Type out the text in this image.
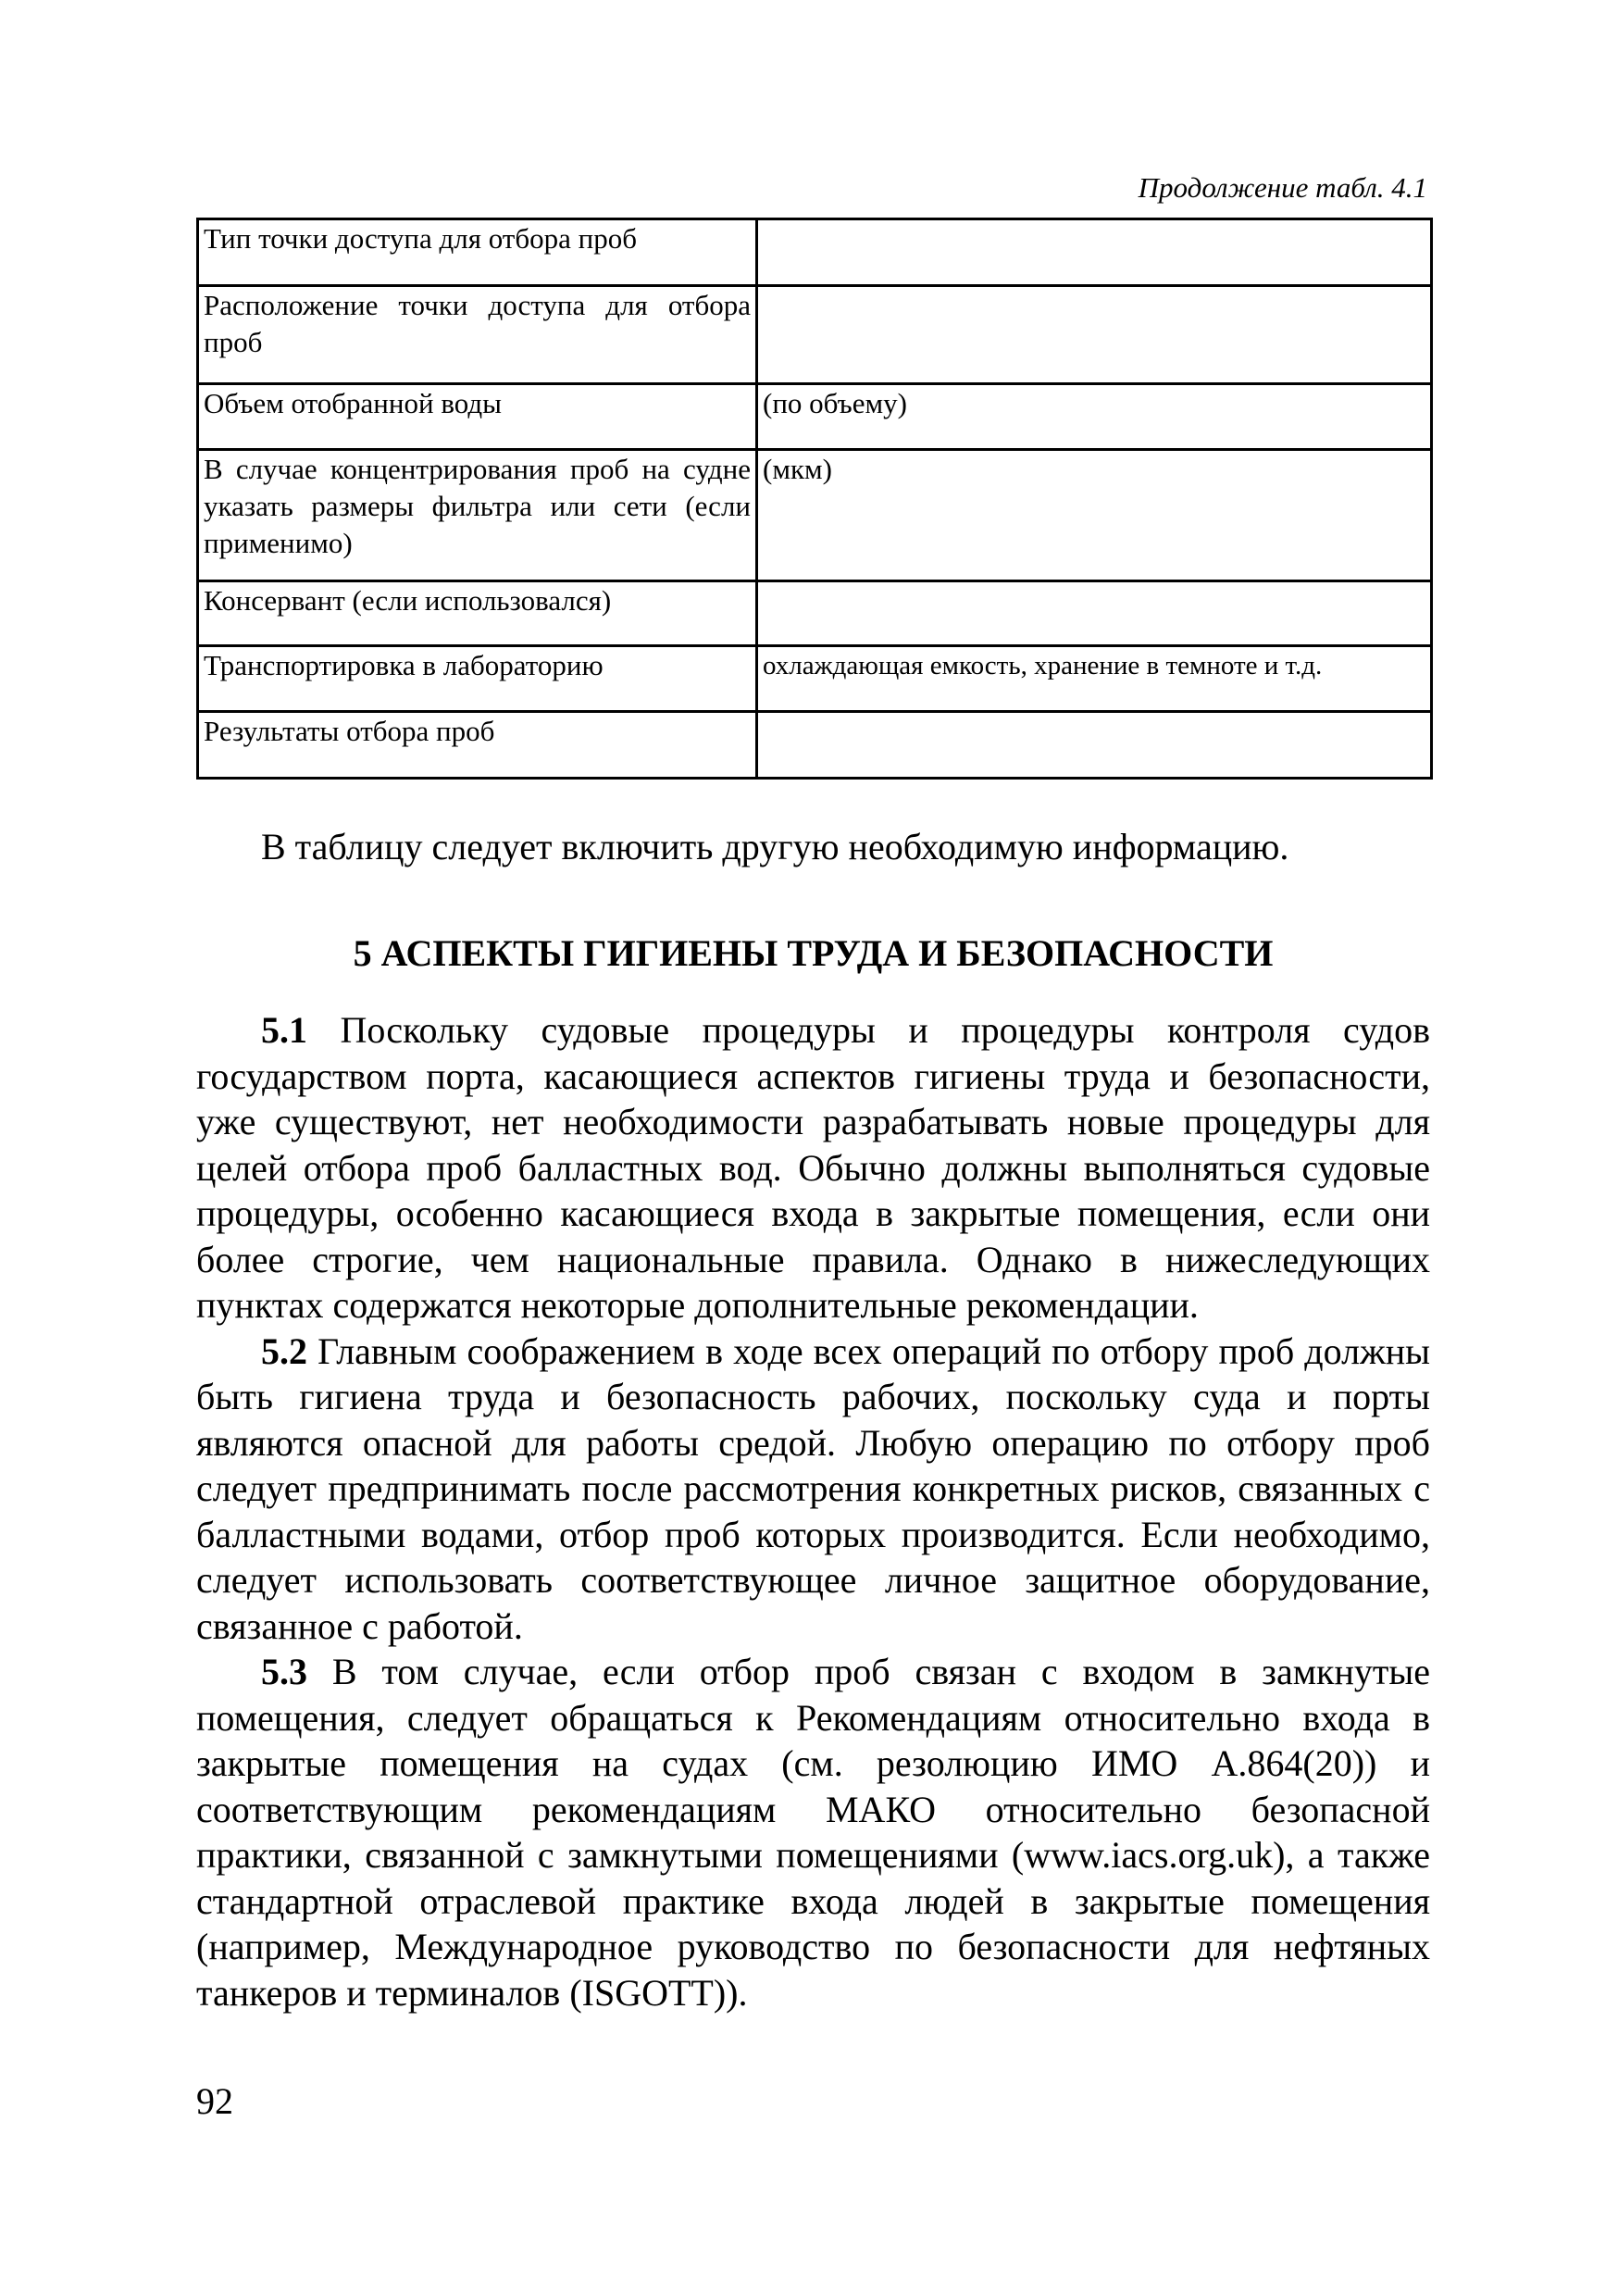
Продолжение табл. 4.1
Тип точки доступа для отбора проб	
Расположение точки доступа для отбора проб	
Объем отобранной воды	(по объему)
В случае концентрирования проб на судне указать размеры фильтра или сети (если применимо)	(мкм)
Консервант (если использовался)	
Транспортировка в лабораторию	охлаждающая емкость, хранение в темноте и т.д.
Результаты отбора проб	
В таблицу следует включить другую необходимую информацию.
5 АСПЕКТЫ ГИГИЕНЫ ТРУДА И БЕЗОПАСНОСТИ

5.1 Поскольку судовые процедуры и процедуры контроля судов государством порта, касающиеся аспектов гигиены труда и безопасности, уже существуют, нет необходимости разрабатывать новые процедуры для целей отбора проб балластных вод. Обычно должны выполняться судовые процедуры, особенно касающиеся входа в закрытые помещения, если они более строгие, чем национальные правила. Однако в нижеследующих пунктах содержатся некоторые дополнительные рекомендации.

5.2 Главным соображением в ходе всех операций по отбору проб должны быть гигиена труда и безопасность рабочих, поскольку суда и порты являются опасной для работы средой. Любую операцию по отбору проб следует предпринимать после рассмотрения конкретных рисков, связанных с балластными водами, отбор проб которых производится. Если необходимо, следует использовать соответствующее личное защитное оборудование, связанное с работой.

5.3 В том случае, если отбор проб связан с входом в замкнутые помещения, следует обращаться к Рекомендациям относительно входа в закрытые помещения на судах (см. резолюцию ИМО А.864(20)) и соответствующим рекомендациям МАКО относительно безопасной практики, связанной с замкнутыми помещениями (www.iacs.org.uk), а также стандартной отраслевой практике входа людей в закрытые помещения (например, Международное руководство по безопасности для нефтяных танкеров и терминалов (ISGOTT)).

92
